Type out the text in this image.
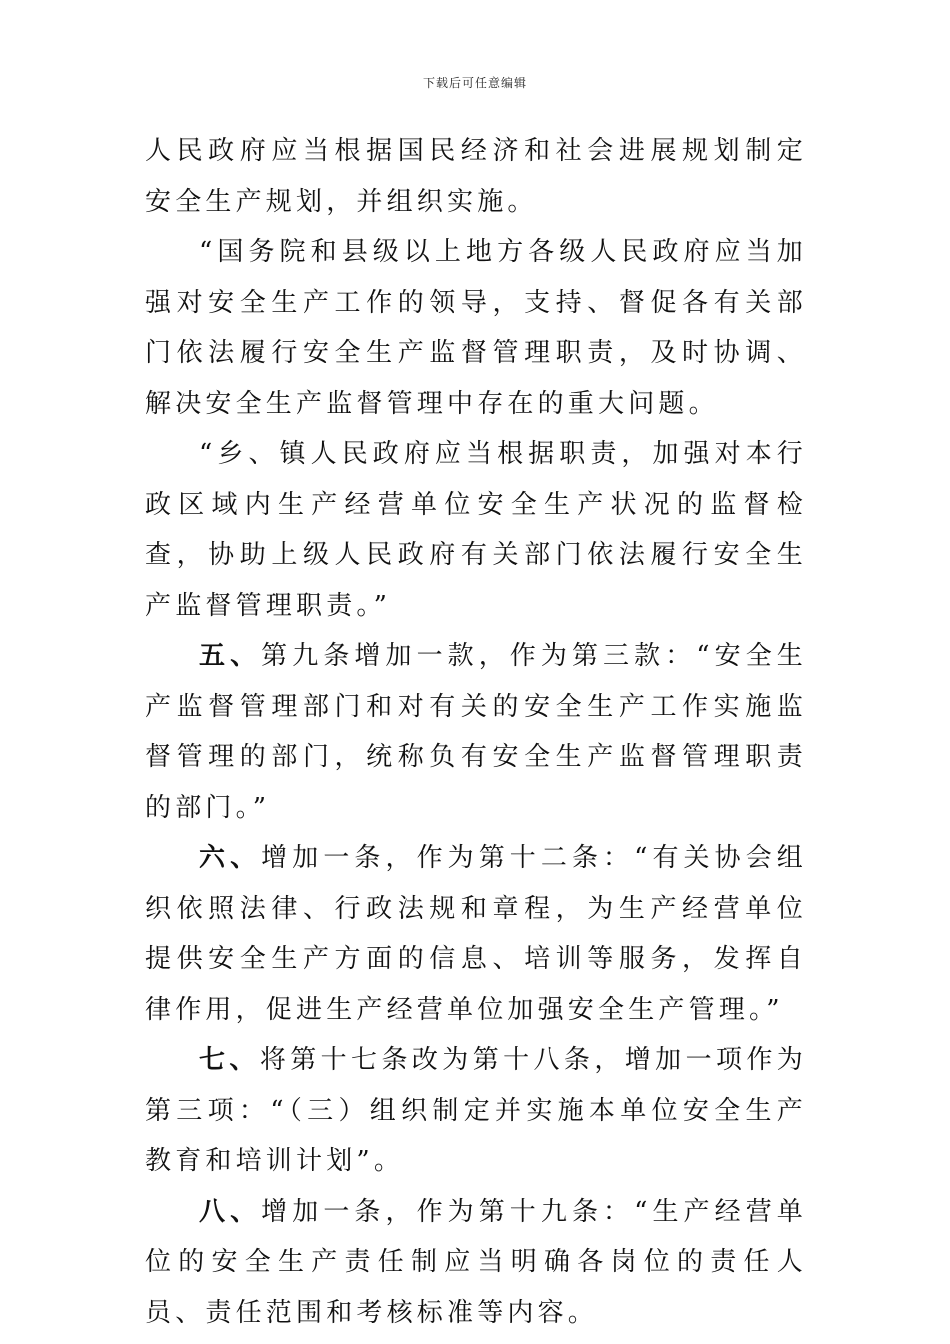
下载后可任意编辑

人民政府应当根据国民经济和社会进展规划制定安全生产规划，并组织实施。

“国务院和县级以上地方各级人民政府应当加强对安全生产工作的领导，支持、督促各有关部门依法履行安全生产监督管理职责，及时协调、解决安全生产监督管理中存在的重大问题。

“乡、镇人民政府应当根据职责，加强对本行政区域内生产经营单位安全生产状况的监督检查，协助上级人民政府有关部门依法履行安全生产监督管理职责。”

五、第九条增加一款，作为第三款：“安全生产监督管理部门和对有关的安全生产工作实施监督管理的部门，统称负有安全生产监督管理职责的部门。”

六、增加一条，作为第十二条：“有关协会组织依照法律、行政法规和章程，为生产经营单位提供安全生产方面的信息、培训等服务，发挥自律作用，促进生产经营单位加强安全生产管理。”

七、将第十七条改为第十八条，增加一项作为第三项：“（三）组织制定并实施本单位安全生产教育和培训计划”。

八、增加一条，作为第十九条：“生产经营单位的安全生产责任制应当明确各岗位的责任人员、责任范围和考核标准等内容。
